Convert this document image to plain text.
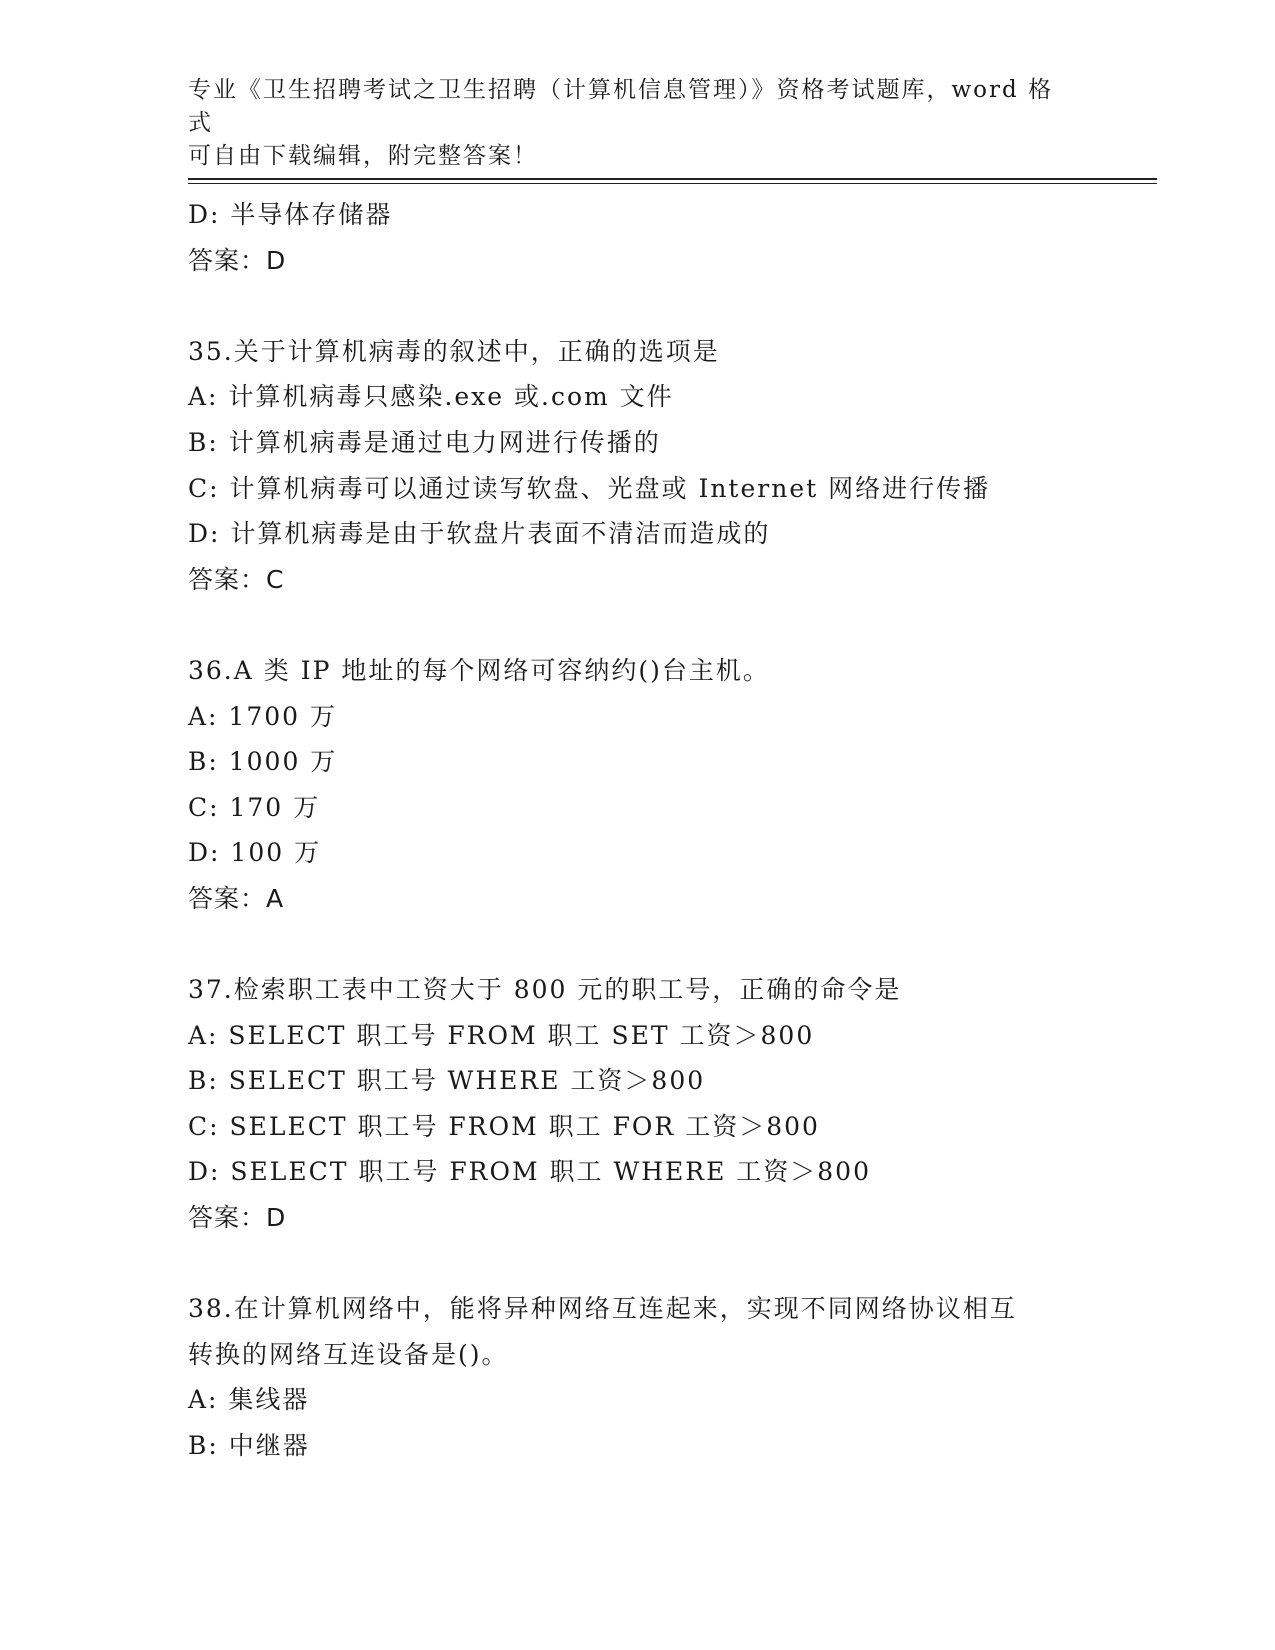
专业《卫生招聘考试之卫生招聘（计算机信息管理）》资格考试题库，word 格式
可自由下载编辑，附完整答案！
D: 半导体存储器
答案：D
35.关于计算机病毒的叙述中，正确的选项是
A: 计算机病毒只感染.exe 或.com 文件
B: 计算机病毒是通过电力网进行传播的
C: 计算机病毒可以通过读写软盘、光盘或 Internet 网络进行传播
D: 计算机病毒是由于软盘片表面不清洁而造成的
答案：C
36.A 类 IP 地址的每个网络可容纳约()台主机。
A: 1700 万
B: 1000 万
C: 170 万
D: 100 万
答案：A
37.检索职工表中工资大于 800 元的职工号，正确的命令是
A: SELECT 职工号 FROM 职工 SET 工资＞800
B: SELECT 职工号 WHERE 工资＞800
C: SELECT 职工号 FROM 职工 FOR 工资＞800
D: SELECT 职工号 FROM 职工 WHERE 工资＞800
答案：D
38.在计算机网络中，能将异种网络互连起来，实现不同网络协议相互
转换的网络互连设备是()。
A: 集线器
B: 中继器
